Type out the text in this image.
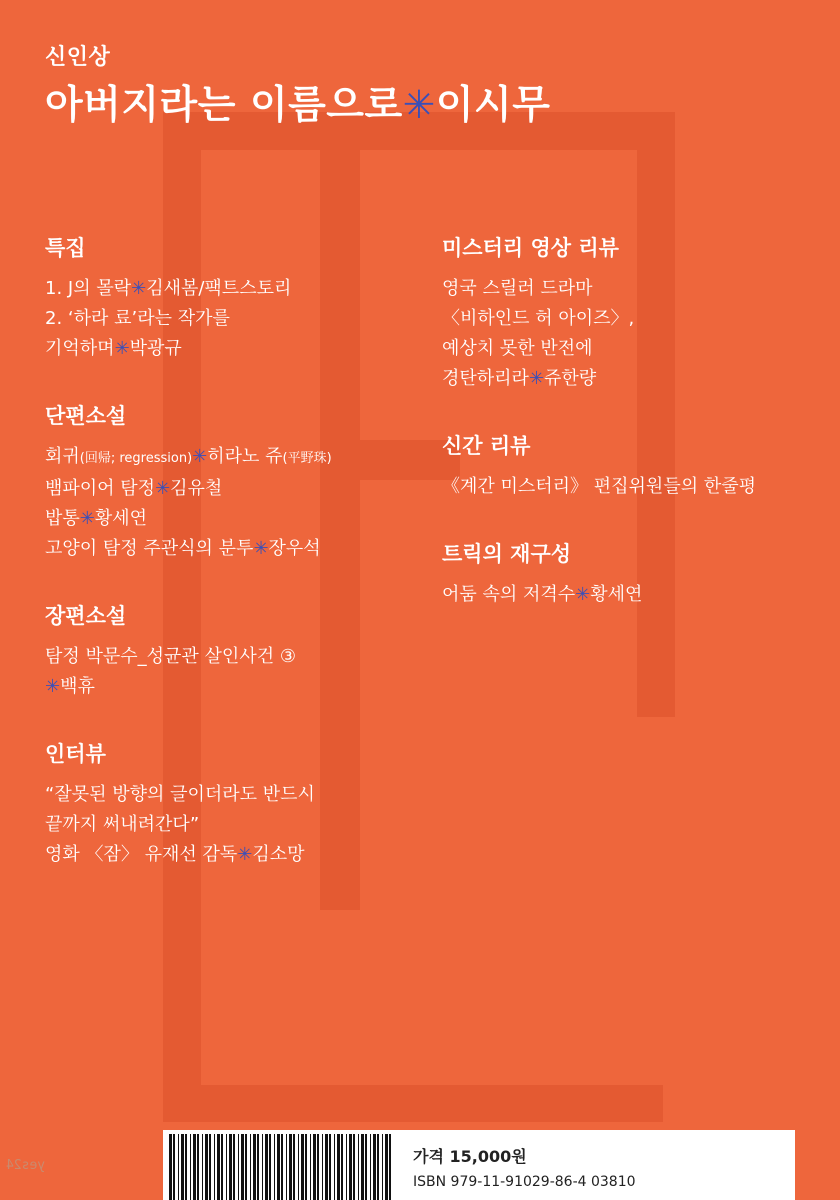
신인상
아버지라는 이름으로✳이시무
특집
1. J의 몰락✳김새봄/팩트스토리
2. ‘하라 료’라는 작가를
기억하며✳박광규
단편소설
회귀(回帰; regression)✳히라노 쥬(平野珠)
뱀파이어 탐정✳김유철
밥통✳황세연
고양이 탐정 주관식의 분투✳장우석
장편소설
탐정 박문수_성균관 살인사건 ③
✳백휴
인터뷰
“잘못된 방향의 글이더라도 반드시
끝까지 써내려간다”
영화 〈잠〉 유재선 감독✳김소망
미스터리 영상 리뷰
영국 스릴러 드라마
〈비하인드 허 아이즈〉,
예상치 못한 반전에
경탄하리라✳쥬한량
신간 리뷰
《계간 미스터리》 편집위원들의 한줄평
트릭의 재구성
어둠 속의 저격수✳황세연
가격 15,000원
ISBN 979-11-91029-86-4 03810
yes24
